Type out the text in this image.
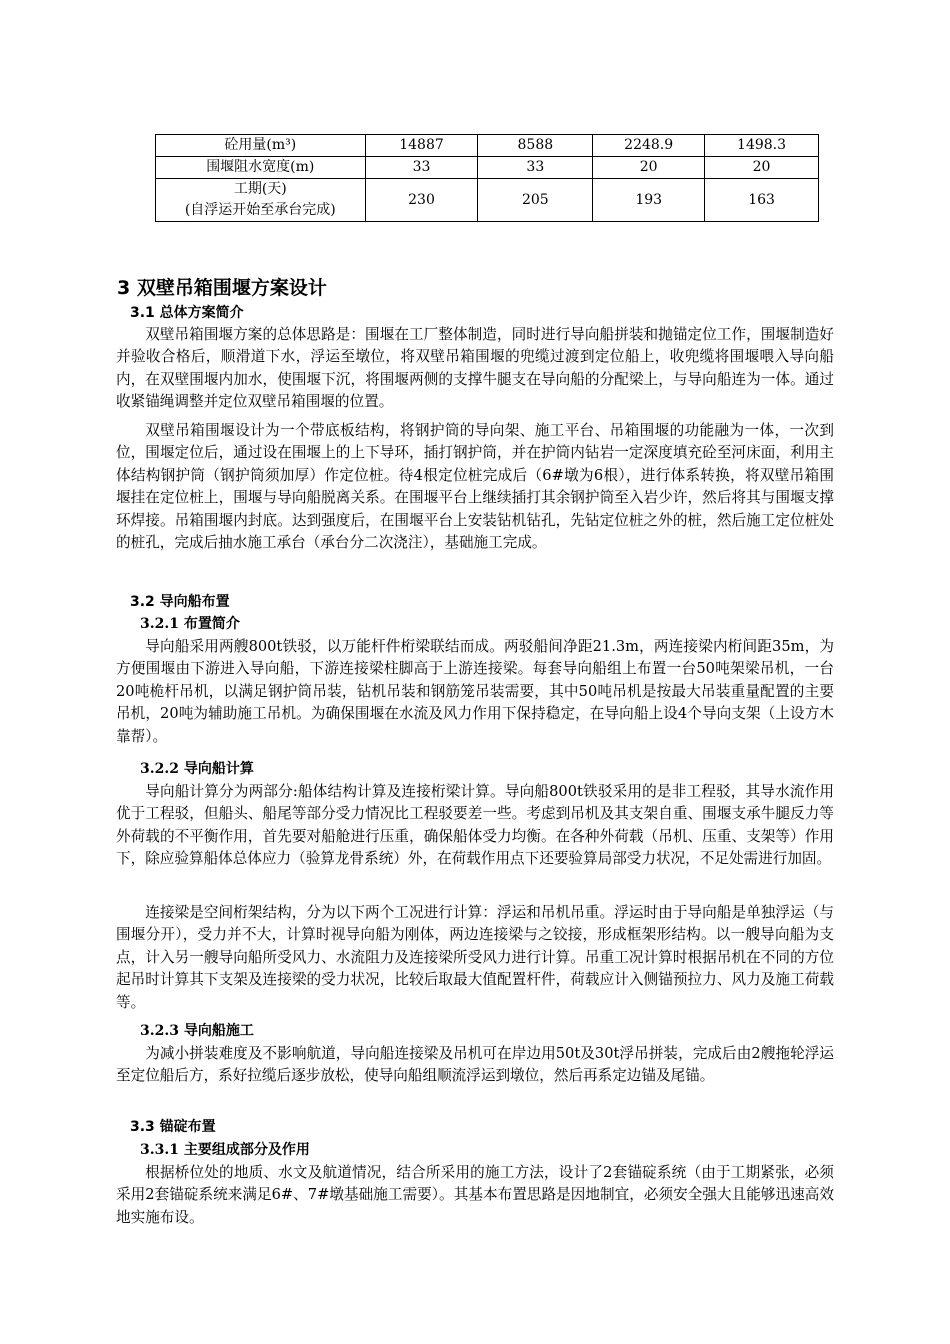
砼用量(m³)	14887	8588	2248.9	1498.3
围堰阻水宽度(m)	33	33	20	20

工期(天)
(自浮运开始至承台完成)	230	205	193	163
3 双壁吊箱围堰方案设计
3.1 总体方案简介

双壁吊箱围堰方案的总体思路是：围堰在工厂整体制造，同时进行导向船拼装和抛锚定位工作，围堰制造好并验收合格后，顺滑道下水，浮运至墩位，将双壁吊箱围堰的兜缆过渡到定位船上，收兜缆将围堰喂入导向船内，在双壁围堰内加水，使围堰下沉，将围堰两侧的支撑牛腿支在导向船的分配梁上，与导向船连为一体。通过收紧锚绳调整并定位双壁吊箱围堰的位置。

双壁吊箱围堰设计为一个带底板结构，将钢护筒的导向架、施工平台、吊箱围堰的功能融为一体，一次到位，围堰定位后，通过设在围堰上的上下导环，插打钢护筒，并在护筒内钻岩一定深度填充砼至河床面，利用主体结构钢护筒（钢护筒须加厚）作定位桩。待4根定位桩完成后（6#墩为6根），进行体系转换，将双壁吊箱围堰挂在定位桩上，围堰与导向船脱离关系。在围堰平台上继续插打其余钢护筒至入岩少许，然后将其与围堰支撑环焊接。吊箱围堰内封底。达到强度后，在围堰平台上安装钻机钻孔，先钻定位桩之外的桩，然后施工定位桩处的桩孔，完成后抽水施工承台（承台分二次浇注），基础施工完成。

3.2 导向船布置
3.2.1 布置简介

导向船采用两艘800t铁驳，以万能杆件桁梁联结而成。两驳船间净距21.3m，两连接梁内桁间距35m，为方便围堰由下游进入导向船，下游连接梁柱脚高于上游连接梁。每套导向船组上布置一台50吨架梁吊机，一台20吨桅杆吊机，以满足钢护筒吊装，钻机吊装和钢筋笼吊装需要，其中50吨吊机是按最大吊装重量配置的主要吊机，20吨为辅助施工吊机。为确保围堰在水流及风力作用下保持稳定，在导向船上设4个导向支架（上设方木靠帮）。

3.2.2 导向船计算

导向船计算分为两部分:船体结构计算及连接桁梁计算。导向船800t铁驳采用的是非工程驳，其导水流作用优于工程驳，但船头、船尾等部分受力情况比工程驳要差一些。考虑到吊机及其支架自重、围堰支承牛腿反力等外荷载的不平衡作用，首先要对船舱进行压重，确保船体受力均衡。在各种外荷载（吊机、压重、支架等）作用下，除应验算船体总体应力（验算龙骨系统）外，在荷载作用点下还要验算局部受力状况，不足处需进行加固。

连接梁是空间桁架结构，分为以下两个工况进行计算：浮运和吊机吊重。浮运时由于导向船是单独浮运（与围堰分开），受力并不大，计算时视导向船为刚体，两边连接梁与之铰接，形成框架形结构。以一艘导向船为支点，计入另一艘导向船所受风力、水流阻力及连接梁所受风力进行计算。吊重工况计算时根据吊机在不同的方位起吊时计算其下支架及连接梁的受力状况，比较后取最大值配置杆件，荷载应计入侧锚预拉力、风力及施工荷载等。

3.2.3 导向船施工

为减小拼装难度及不影响航道，导向船连接梁及吊机可在岸边用50t及30t浮吊拼装，完成后由2艘拖轮浮运至定位船后方，系好拉缆后逐步放松，使导向船组顺流浮运到墩位，然后再系定边锚及尾锚。

3.3 锚碇布置
3.3.1 主要组成部分及作用

根据桥位处的地质、水文及航道情况，结合所采用的施工方法，设计了2套锚碇系统（由于工期紧张，必须采用2套锚碇系统来满足6#、7#墩基础施工需要）。其基本布置思路是因地制宜，必须安全强大且能够迅速高效地实施布设。
